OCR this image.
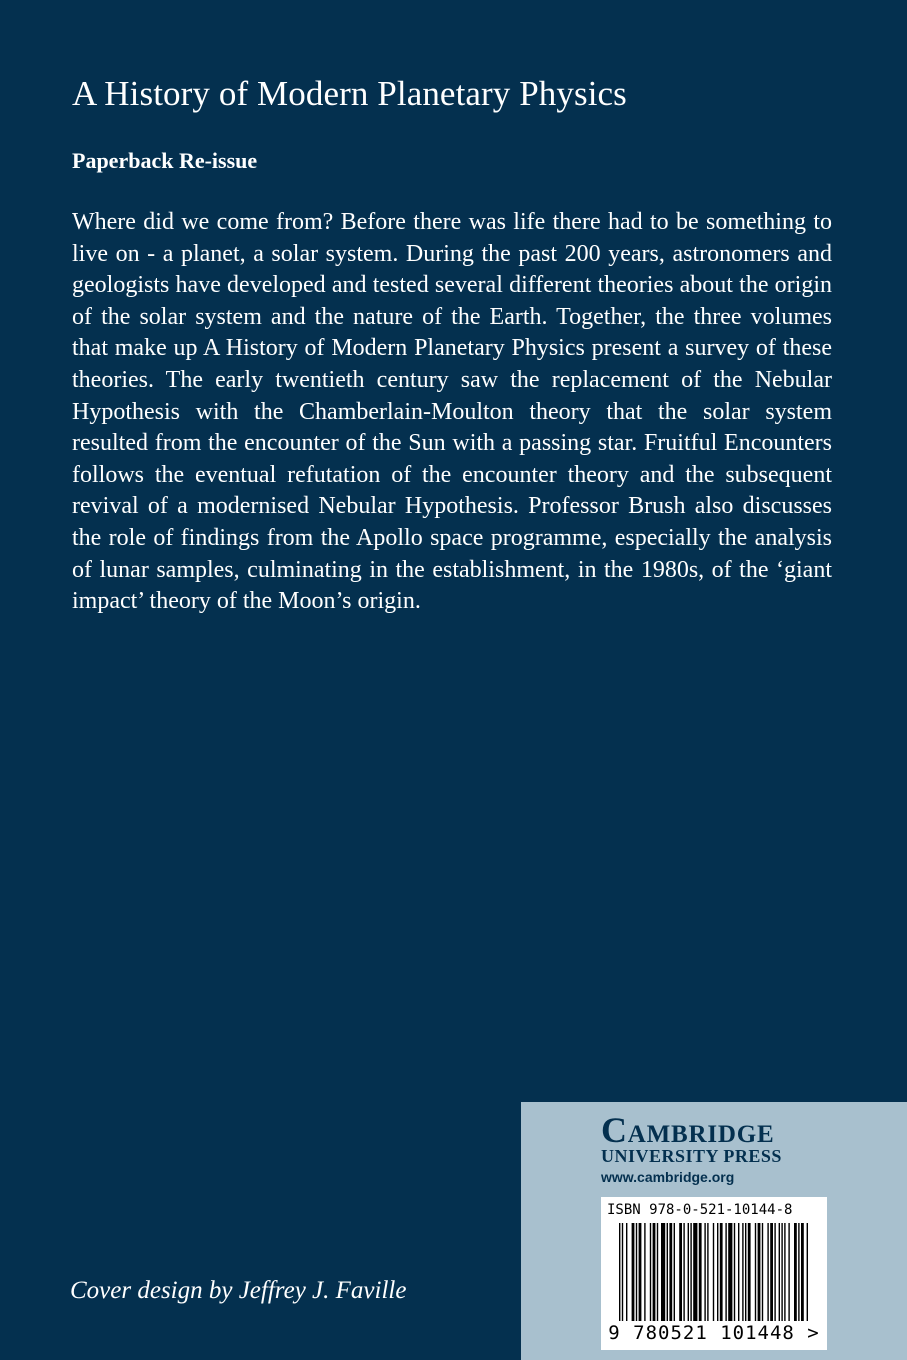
A History of Modern Planetary Physics
Paperback Re-issue

Where did we come from? Before there was life there had to be something to live on - a planet, a solar system. During the past 200 years, astronomers and geologists have developed and tested several different theories about the origin of the solar system and the nature of the Earth. Together, the three volumes that make up A History of Modern Planetary Physics present a survey of these theories. The early twentieth century saw the replacement of the Nebular Hypothesis with the Chamberlain-Moulton theory that the solar system resulted from the encounter of the Sun with a passing star. Fruitful Encounters follows the eventual refutation of the encounter theory and the subsequent revival of a modernised Nebular Hypothesis. Professor Brush also discusses the role of findings from the Apollo space programme, especially the analysis of lunar samples, culminating in the establishment, in the 1980s, of the ‘giant impact’ theory of the Moon’s origin.

Cover design by Jeffrey J. Faville
Cambridge
UNIVERSITY PRESS
www.cambridge.org
ISBN 978-0-521-10144-8
9 780521 101448 >
